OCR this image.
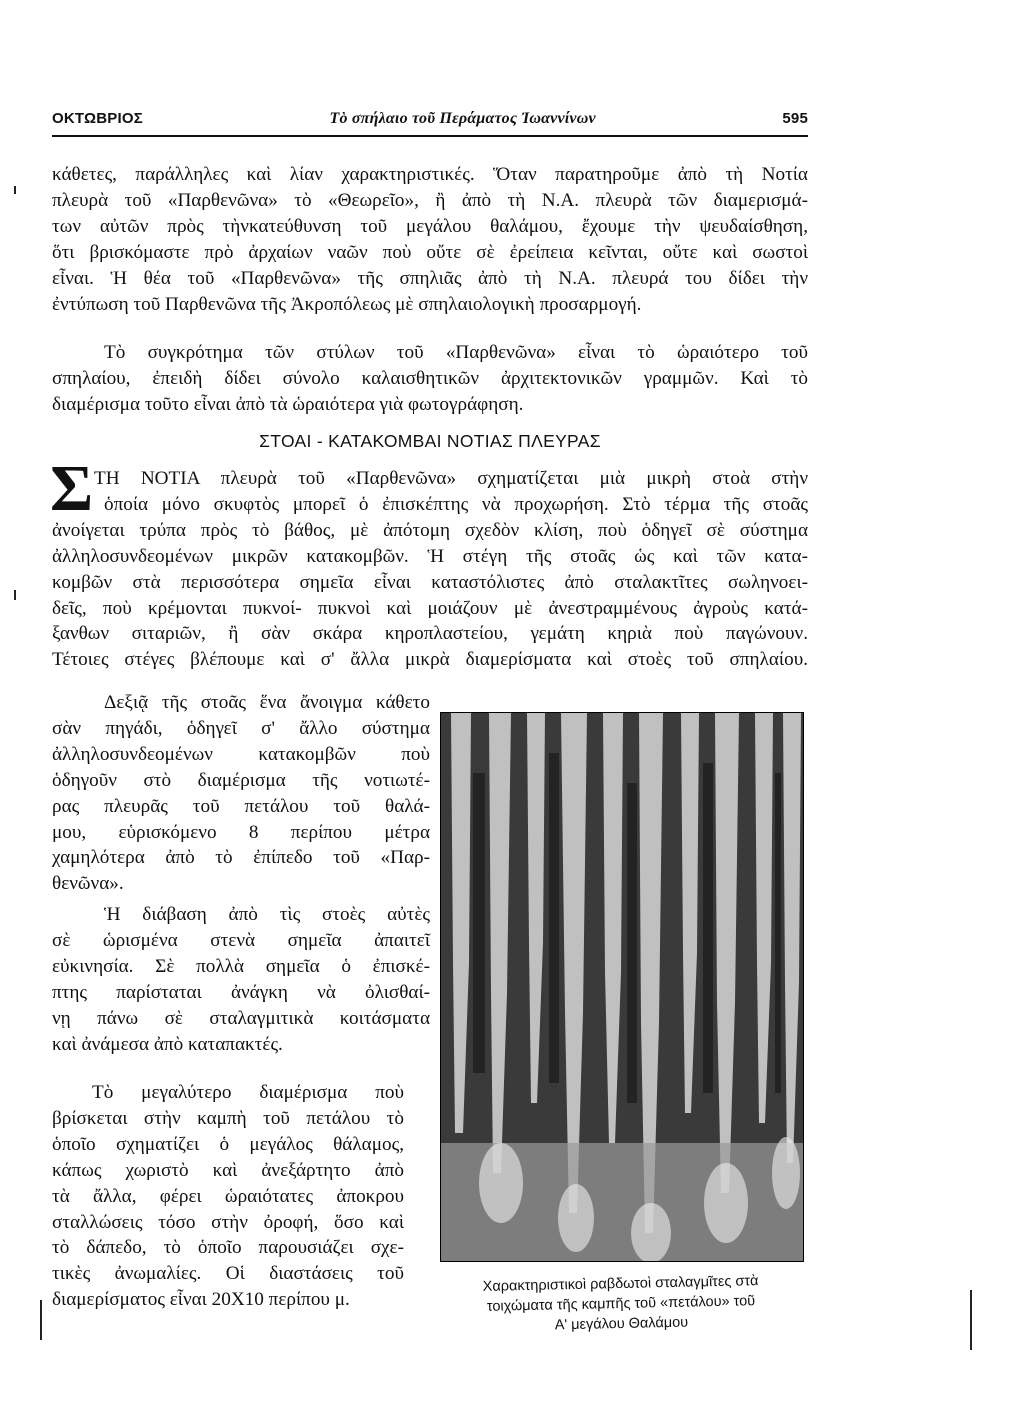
ΟΚΤΩΒΡΙΟΣ	Τὸ σπήλαιο τοῦ Περάματος Ἰωαννίνων	595
κάθετες, παράλληλες καὶ λίαν χαρακτηριστικές. Ὅταν παρατηροῦμε ἀπὸ τὴ Νοτία
πλευρὰ τοῦ «Παρθενῶνα» τὸ «Θεωρεῖο», ἢ ἀπὸ τὴ Ν.Α. πλευρὰ τῶν διαμερισμά-
των αὐτῶν πρὸς τὴνκατεύθυνση τοῦ μεγάλου θαλάμου, ἔχουμε τὴν ψευδαίσθηση,
ὅτι βρισκόμαστε πρὸ ἀρχαίων ναῶν ποὺ οὔτε σὲ ἐρείπεια κεῖνται, οὔτε καὶ σωστοὶ
εἶναι. Ἡ θέα τοῦ «Παρθενῶνα» τῆς σπηλιᾶς ἀπὸ τὴ Ν.Α. πλευρά του δίδει τὴν
ἐντύπωση τοῦ Παρθενῶνα τῆς Ἀκροπόλεως μὲ σπηλαιολογικὴ προσαρμογή.
Τὸ συγκρότημα τῶν στύλων τοῦ «Παρθενῶνα» εἶναι τὸ ὡραιότερο τοῦ
σπηλαίου, ἐπειδὴ δίδει σύνολο καλαισθητικῶν ἀρχιτεκτονικῶν γραμμῶν. Καὶ τὸ
διαμέρισμα τοῦτο εἶναι ἀπὸ τὰ ὡραιότερα γιὰ φωτογράφηση.
ΣΤΟΑΙ - ΚΑΤΑΚΟΜΒΑΙ ΝΟΤΙΑΣ ΠΛΕΥΡΑΣ
Σ ΤΗ ΝΟΤΙΑ πλευρὰ τοῦ «Παρθενῶνα» σχηματίζεται μιὰ μικρὴ στοὰ στὴν
ὁποία μόνο σκυφτὸς μπορεῖ ὁ ἐπισκέπτης νὰ προχωρήση. Στὸ τέρμα τῆς στοᾶς
ἀνοίγεται τρύπα πρὸς τὸ βάθος, μὲ ἀπότομη σχεδὸν κλίση, ποὺ ὁδηγεῖ σὲ σύστημα
ἀλληλοσυνδεομένων μικρῶν κατακομβῶν. Ἡ στέγη τῆς στοᾶς ὡς καὶ τῶν κατα-
κομβῶν στὰ περισσότερα σημεῖα εἶναι καταστόλιστες ἀπὸ σταλακτῖτες σωληνοει-
δεῖς, ποὺ κρέμονται πυκνοί- πυκνοὶ καὶ μοιάζουν μὲ ἀνεστραμμένους ἀγροὺς κατά-
ξανθων σιταριῶν, ἢ σὰν σκάρα κηροπλαστείου, γεμάτη κηριὰ ποὺ παγώνουν.
Τέτοιες στέγες βλέπουμε καὶ σ' ἄλλα μικρὰ διαμερίσματα καὶ στοὲς τοῦ σπηλαίου.
Δεξιᾷ τῆς στοᾶς ἕνα ἄνοιγμα κάθετο
σὰν πηγάδι, ὁδηγεῖ σ' ἄλλο σύστημα
ἀλληλοσυνδεομένων κατακομβῶν ποὺ
ὁδηγοῦν στὸ διαμέρισμα τῆς νοτιωτέ-
ρας πλευρᾶς τοῦ πετάλου τοῦ θαλά-
μου, εὑρισκόμενο 8 περίπου μέτρα
χαμηλότερα ἀπὸ τὸ ἐπίπεδο τοῦ «Παρ-
θενῶνα».
Ἡ διάβαση ἀπὸ τὶς στοὲς αὐτὲς
σὲ ὡρισμένα στενὰ σημεῖα ἀπαιτεῖ
εὐκινησία. Σὲ πολλὰ σημεῖα ὁ ἐπισκέ-
πτης παρίσταται ἀνάγκη νὰ ὀλισθαί-
νῃ πάνω σὲ σταλαγμιτικὰ κοιτάσματα
καὶ ἀνάμεσα ἀπὸ καταπακτές.
Τὸ μεγαλύτερο διαμέρισμα ποὺ
βρίσκεται στὴν καμπὴ τοῦ πετάλου τὸ
ὁποῖο σχηματίζει ὁ μεγάλος θάλαμος,
κάπως χωριστὸ καὶ ἀνεξάρτητο ἀπὸ
τὰ ἄλλα, φέρει ὡραιότατες ἀποκρου
σταλλώσεις τόσο στὴν ὀροφή, ὅσο καὶ
τὸ δάπεδο, τὸ ὁποῖο παρουσιάζει σχε-
τικὲς ἀνωμαλίες. Οἱ διαστάσεις τοῦ
διαμερίσματος εἶναι 20Χ10 περίπου μ.
Χαρακτηριστικοὶ ραβδωτοὶ σταλαγμῖτες στὰ
τοιχώματα τῆς καμπῆς τοῦ «πετάλου» τοῦ
Α' μεγάλου Θαλάμου
